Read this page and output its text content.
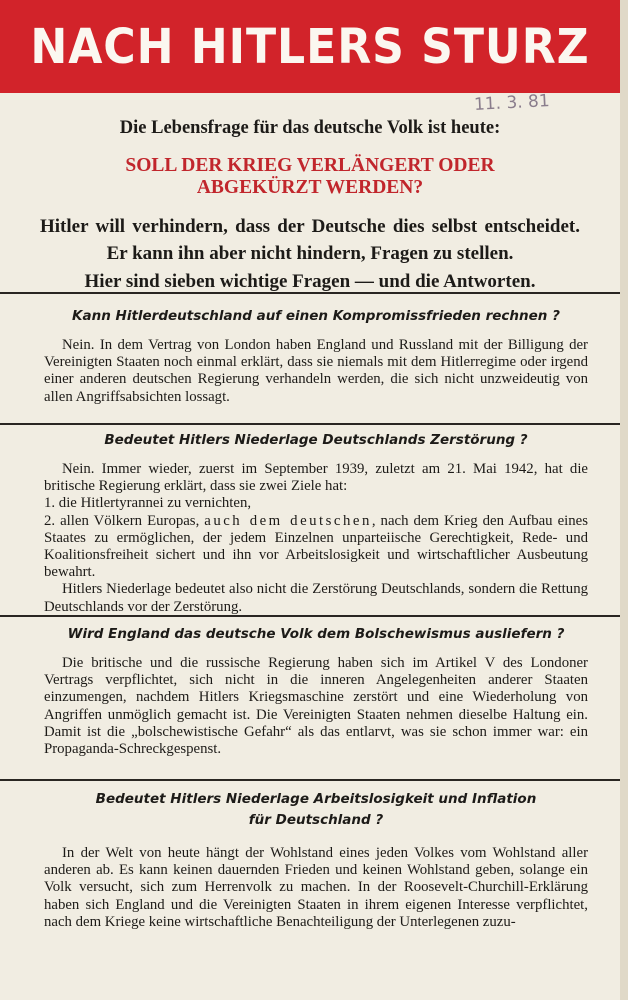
NACH HITLERS STURZ
11. 3. 81
Die Lebensfrage für das deutsche Volk ist heute:
SOLL DER KRIEG VERLÄNGERT ODER
ABGEKÜRZT WERDEN?
Hitler will verhindern, dass der Deutsche dies selbst entscheidet. Er kann ihn aber nicht hindern, Fragen zu stellen.
Hier sind sieben wichtige Fragen — und die Antworten.
Kann Hitlerdeutschland auf einen Kompromissfrieden rechnen ?

Nein. In dem Vertrag von London haben England und Russland mit der Billigung der Vereinigten Staaten noch einmal erklärt, dass sie niemals mit dem Hitlerregime oder irgend einer anderen deutschen Regierung verhandeln werden, die sich nicht unzweideutig von allen Angriffsabsichten lossagt.

Bedeutet Hitlers Niederlage Deutschlands Zerstörung ?

Nein. Immer wieder, zuerst im September 1939, zuletzt am 21. Mai 1942, hat die britische Regierung erklärt, dass sie zwei Ziele hat:

1. die Hitlertyrannei zu vernichten,

2. allen Völkern Europas, auch dem deutschen, nach dem Krieg den Aufbau eines Staates zu ermöglichen, der jedem Einzelnen unparteiische Gerechtigkeit, Rede- und Koalitionsfreiheit sichert und ihn vor Arbeitslosigkeit und wirtschaftlicher Ausbeutung bewahrt.

Hitlers Niederlage bedeutet also nicht die Zerstörung Deutschlands, sondern die Rettung Deutschlands vor der Zerstörung.

Wird England das deutsche Volk dem Bolschewismus ausliefern ?

Die britische und die russische Regierung haben sich im Artikel V des Londoner Vertrags verpflichtet, sich nicht in die inneren Angelegenheiten anderer Staaten einzumengen, nachdem Hitlers Kriegsmaschine zerstört und eine Wiederholung von Angriffen unmöglich gemacht ist. Die Vereinigten Staaten nehmen dieselbe Haltung ein. Damit ist die „bolschewistische Gefahr“ als das entlarvt, was sie schon immer war: ein Propaganda-Schreckgespenst.

Bedeutet Hitlers Niederlage Arbeitslosigkeit und Inflation
für Deutschland ?

In der Welt von heute hängt der Wohlstand eines jeden Volkes vom Wohlstand aller anderen ab. Es kann keinen dauernden Frieden und keinen Wohlstand geben, solange ein Volk versucht, sich zum Herrenvolk zu machen. In der Roosevelt-Churchill-Erklärung haben sich England und die Vereinigten Staaten in ihrem eigenen Interesse verpflichtet, nach dem Kriege keine wirtschaftliche Benachteiligung der Unterlegenen zuzu-
